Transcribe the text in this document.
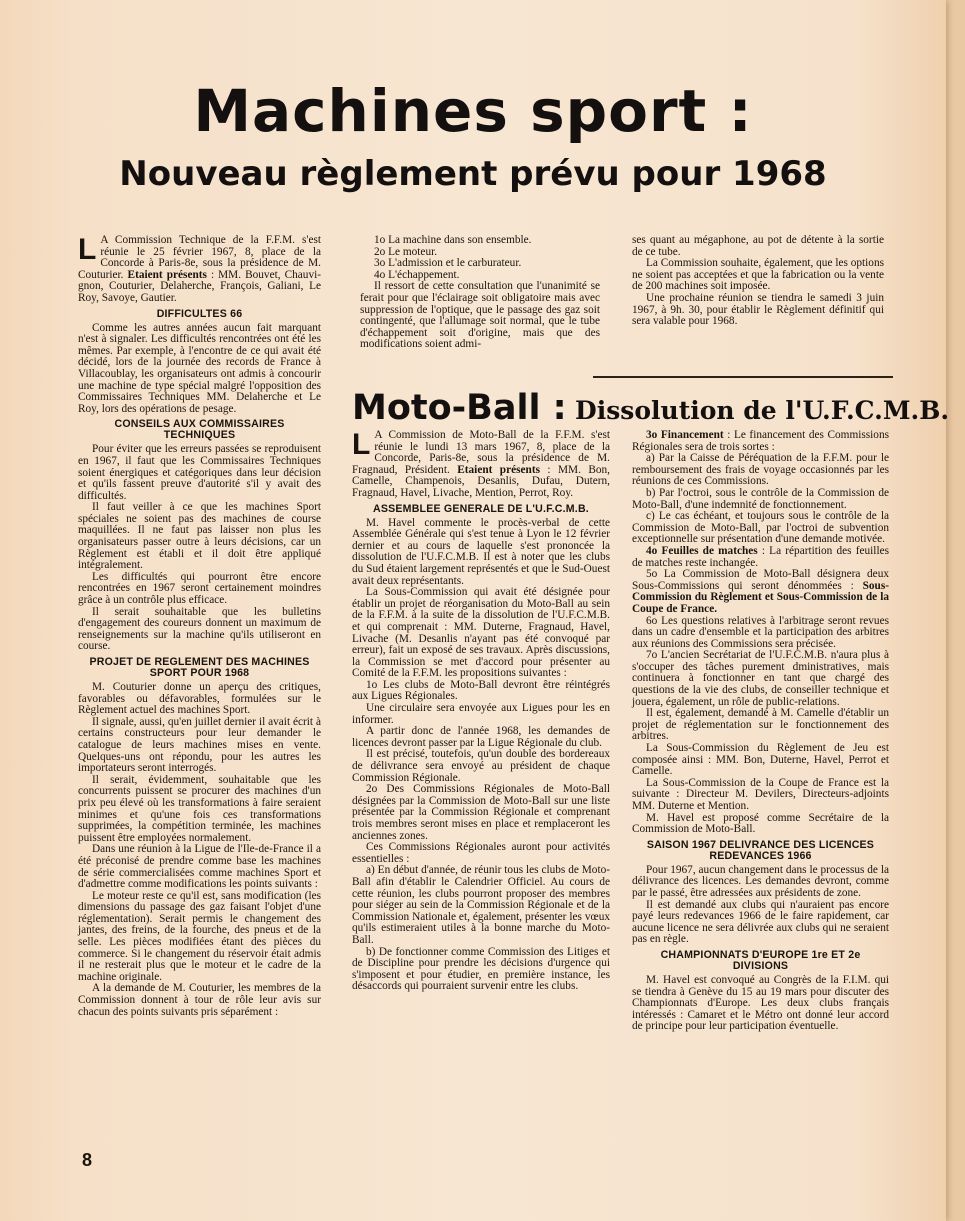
Machines sport :
Nouveau règlement prévu pour 1968

L A Commission Technique de la F.F.M. s'est réunie le 25 février 1967, 8, place de la Concorde à Paris-8e, sous la présidence de M. Couturier. Etaient présents : MM. Bouvet, Chauvi-gnon, Couturier, Delaherche, François, Galiani, Le Roy, Savoye, Gautier.

DIFFICULTES 66

Comme les autres années aucun fait marquant n'est à signaler. Les difficultés rencontrées ont été les mêmes. Par exemple, à l'encontre de ce qui avait été décidé, lors de la journée des records de France à Villacoublay, les organisateurs ont admis à concourir une machine de type spécial malgré l'opposition des Commissaires Techniques MM. Delaherche et Le Roy, lors des opérations de pesage.

CONSEILS AUX COMMISSAIRES TECHNIQUES

Pour éviter que les erreurs passées se reproduisent en 1967, il faut que les Commissaires Techniques soient énergiques et catégoriques dans leur décision et qu'ils fassent preuve d'autorité s'il y avait des difficultés.

Il faut veiller à ce que les machines Sport spéciales ne soient pas des machines de course maquillées. Il ne faut pas laisser non plus les organisateurs passer outre à leurs décisions, car un Règlement est établi et il doit être appliqué intégralement.

Les difficultés qui pourront être encore rencontrées en 1967 seront certainement moindres grâce à un contrôle plus efficace.

Il serait souhaitable que les bulletins d'engagement des coureurs donnent un maximum de renseignements sur la machine qu'ils utiliseront en course.

PROJET DE REGLEMENT DES MACHINES SPORT POUR 1968

M. Couturier donne un aperçu des critiques, favorables ou défavorables, formulées sur le Règlement actuel des machines Sport.

Il signale, aussi, qu'en juillet dernier il avait écrit à certains constructeurs pour leur demander le catalogue de leurs machines mises en vente. Quelques-uns ont répondu, pour les autres les importateurs seront interrogés.

Il serait, évidemment, souhaitable que les concurrents puissent se procurer des machines d'un prix peu élevé où les transformations à faire seraient minimes et qu'une fois ces transformations supprimées, la compétition terminée, les machines puissent être employées normalement.

Dans une réunion à la Ligue de l'Ile-de-France il a été préconisé de prendre comme base les machines de série commercialisées comme machines Sport et d'admettre comme modifications les points suivants :

Le moteur reste ce qu'il est, sans modification (les dimensions du passage des gaz faisant l'objet d'une réglementation). Serait permis le changement des jantes, des freins, de la fourche, des pneus et de la selle. Les pièces modifiées étant des pièces du commerce. Si le changement du réservoir était admis il ne resterait plus que le moteur et le cadre de la machine originale.

A la demande de M. Couturier, les membres de la Commission donnent à tour de rôle leur avis sur chacun des points suivants pris séparément :

1o La machine dans son ensemble.

2o Le moteur.

3o L'admission et le carburateur.

4o L'échappement.

Il ressort de cette consultation que l'unanimité se ferait pour que l'éclairage soit obligatoire mais avec suppression de l'optique, que le passage des gaz soit contingenté, que l'allumage soit normal, que le tube d'échappement soit d'origine, mais que des modifications soient admi-

ses quant au mégaphone, au pot de détente à la sortie de ce tube.

La Commission souhaite, également, que les options ne soient pas acceptées et que la fabrication ou la vente de 200 machines soit imposée.

Une prochaine réunion se tiendra le samedi 3 juin 1967, à 9h. 30, pour établir le Règlement définitif qui sera valable pour 1968.

Moto-Ball : Dissolution de l'U.F.C.M.B.

L A Commission de Moto-Ball de la F.F.M. s'est réunie le lundi 13 mars 1967, 8, place de la Concorde, Paris-8e, sous la présidence de M. Fragnaud, Président. Etaient présents : MM. Bon, Camelle, Champenois, Desanlis, Dufau, Dutern, Fragnaud, Havel, Livache, Mention, Perrot, Roy.

ASSEMBLEE GENERALE DE L'U.F.C.M.B.

M. Havel commente le procès-verbal de cette Assemblée Générale qui s'est tenue à Lyon le 12 février dernier et au cours de laquelle s'est prononcée la dissolution de l'U.F.C.M.B. Il est à noter que les clubs du Sud étaient largement représentés et que le Sud-Ouest avait deux représentants.

La Sous-Commission qui avait été désignée pour établir un projet de réorganisation du Moto-Ball au sein de la F.F.M. à la suite de la dissolution de l'U.F.C.M.B. et qui comprenait : MM. Duterne, Fragnaud, Havel, Livache (M. Desanlis n'ayant pas été convoqué par erreur), fait un exposé de ses travaux. Après discussions, la Commission se met d'accord pour présenter au Comité de la F.F.M. les propositions suivantes :

1o Les clubs de Moto-Ball devront être réintégrés aux Ligues Régionales.

Une circulaire sera envoyée aux Ligues pour les en informer.

A partir donc de l'année 1968, les demandes de licences devront passer par la Ligue Régionale du club.

Il est précisé, toutefois, qu'un double des bordereaux de délivrance sera envoyé au président de chaque Commission Régionale.

2o Des Commissions Régionales de Moto-Ball désignées par la Commission de Moto-Ball sur une liste présentée par la Commission Régionale et comprenant trois membres seront mises en place et remplaceront les anciennes zones.

Ces Commissions Régionales auront pour activités essentielles :

a) En début d'année, de réunir tous les clubs de Moto-Ball afin d'établir le Calendrier Officiel. Au cours de cette réunion, les clubs pourront proposer des membres pour siéger au sein de la Commission Régionale et de la Commission Nationale et, également, présenter les vœux qu'ils estimeraient utiles à la bonne marche du Moto-Ball.

b) De fonctionner comme Commission des Litiges et de Discipline pour prendre les décisions d'urgence qui s'imposent et pour étudier, en première instance, les désaccords qui pourraient survenir entre les clubs.

3o Financement : Le financement des Commissions Régionales sera de trois sortes :

a) Par la Caisse de Péréquation de la F.F.M. pour le remboursement des frais de voyage occasionnés par les réunions de ces Commissions.

b) Par l'octroi, sous le contrôle de la Commission de Moto-Ball, d'une indemnité de fonctionnement.

c) Le cas échéant, et toujours sous le contrôle de la Commission de Moto-Ball, par l'octroi de subvention exceptionnelle sur présentation d'une demande motivée.

4o Feuilles de matches : La répartition des feuilles de matches reste inchangée.

5o La Commission de Moto-Ball désignera deux Sous-Commissions qui seront dénommées : Sous-Commission du Règlement et Sous-Commission de la Coupe de France.

6o Les questions relatives à l'arbitrage seront revues dans un cadre d'ensemble et la participation des arbitres aux réunions des Commissions sera précisée.

7o L'ancien Secrétariat de l'U.F.C.M.B. n'aura plus à s'occuper des tâches purement dministratives, mais continuera à fonctionner en tant que chargé des questions de la vie des clubs, de conseiller technique et jouera, également, un rôle de public-relations.

Il est, également, demandé à M. Camelle d'établir un projet de réglementation sur le fonctionnement des arbitres.

La Sous-Commission du Règlement de Jeu est composée ainsi : MM. Bon, Duterne, Havel, Perrot et Camelle.

La Sous-Commission de la Coupe de France est la suivante : Directeur M. Devilers, Directeurs-adjoints MM. Duterne et Mention.

M. Havel est proposé comme Secrétaire de la Commission de Moto-Ball.

SAISON 1967 DELIVRANCE DES LICENCES REDEVANCES 1966

Pour 1967, aucun changement dans le processus de la délivrance des licences. Les demandes devront, comme par le passé, être adressées aux présidents de zone.

Il est demandé aux clubs qui n'auraient pas encore payé leurs redevances 1966 de le faire rapidement, car aucune licence ne sera délivrée aux clubs qui ne seraient pas en règle.

CHAMPIONNATS D'EUROPE 1re ET 2e DIVISIONS

M. Havel est convoqué au Congrès de la F.I.M. qui se tiendra à Genève du 15 au 19 mars pour discuter des Championnats d'Europe. Les deux clubs français intéressés : Camaret et le Métro ont donné leur accord de principe pour leur participation éventuelle.

8
